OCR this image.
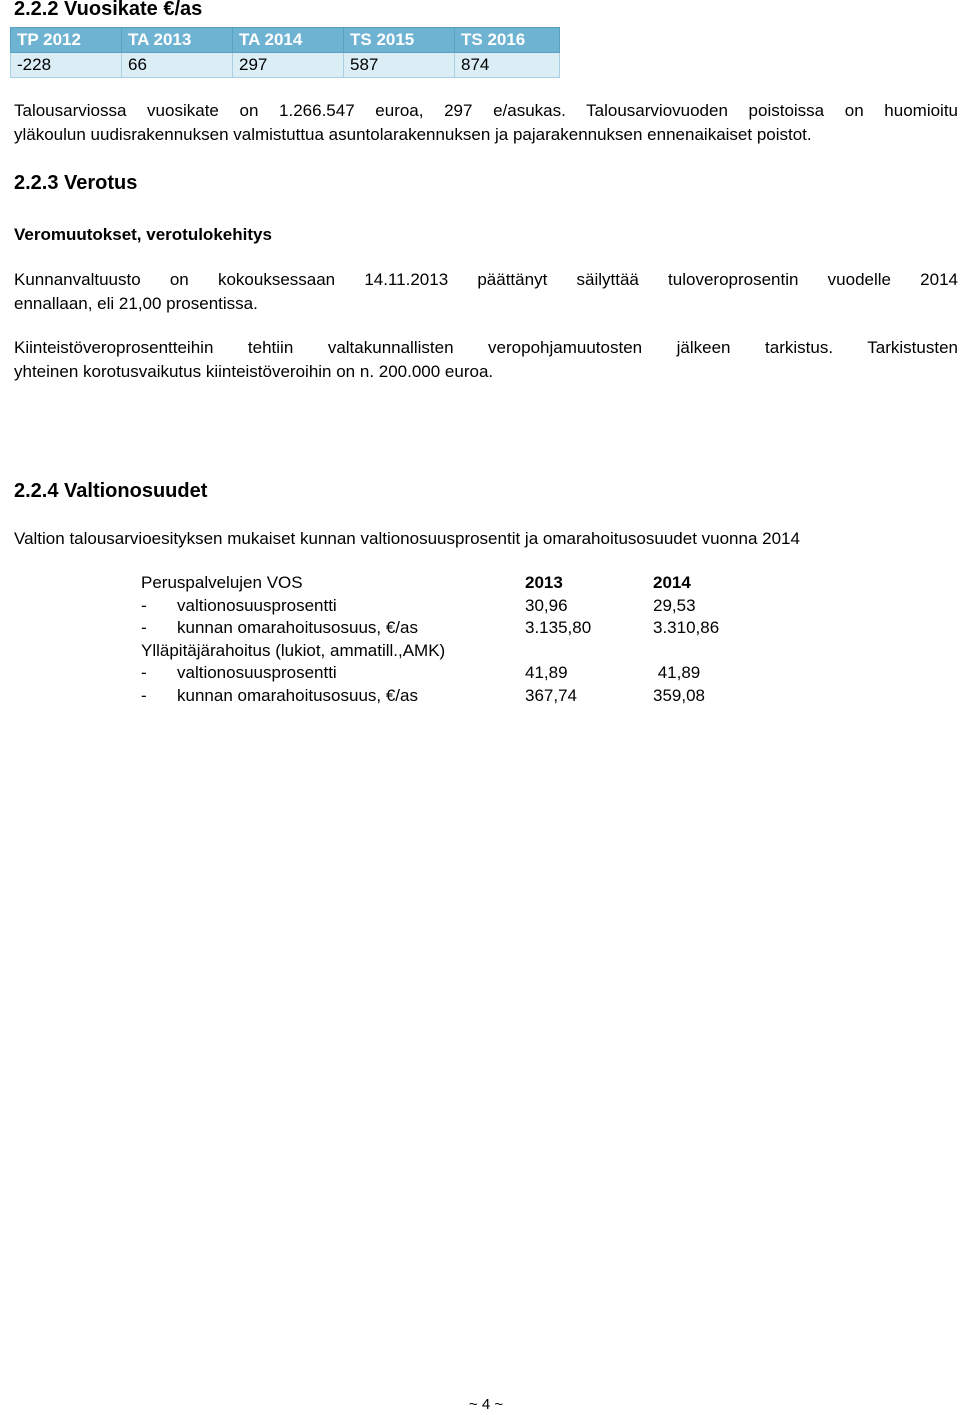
2.2.2 Vuosikate €/as
TP 2012	TA 2013	TA 2014	TS 2015	TS 2016
-228	66	297	587	874

Talousarviossa vuosikate on 1.266.547 euroa, 297 e/asukas. Talousarviovuoden poistoissa on huomioitu

yläkoulun uudisrakennuksen valmistuttua asuntolarakennuksen ja pajarakennuksen ennenaikaiset poistot.

2.2.3 Verotus
Veromuutokset, verotulokehitys

Kunnanvaltuusto on kokouksessaan 14.11.2013 päättänyt säilyttää tuloveroprosentin vuodelle 2014

ennallaan, eli 21,00 prosentissa.

Kiinteistöveroprosentteihin tehtiin valtakunnallisten veropohjamuutosten jälkeen tarkistus. Tarkistusten

yhteinen korotusvaikutus kiinteistöveroihin on n. 200.000 euroa.

2.2.4 Valtionosuudet

Valtion talousarvioesityksen mukaiset kunnan valtionosuusprosentit ja omarahoitusosuudet vuonna 2014

Peruspalvelujen VOS	2013	2014
- valtionosuusprosentti	30,96	29,53
- kunnan omarahoitusosuus, €/as	3.135,80	3.310,86
Ylläpitäjärahoitus (lukiot, ammatill.,AMK)
- valtionosuusprosentti	41,89	41,89
- kunnan omarahoitusosuus, €/as	367,74	359,08
~ 4 ~
